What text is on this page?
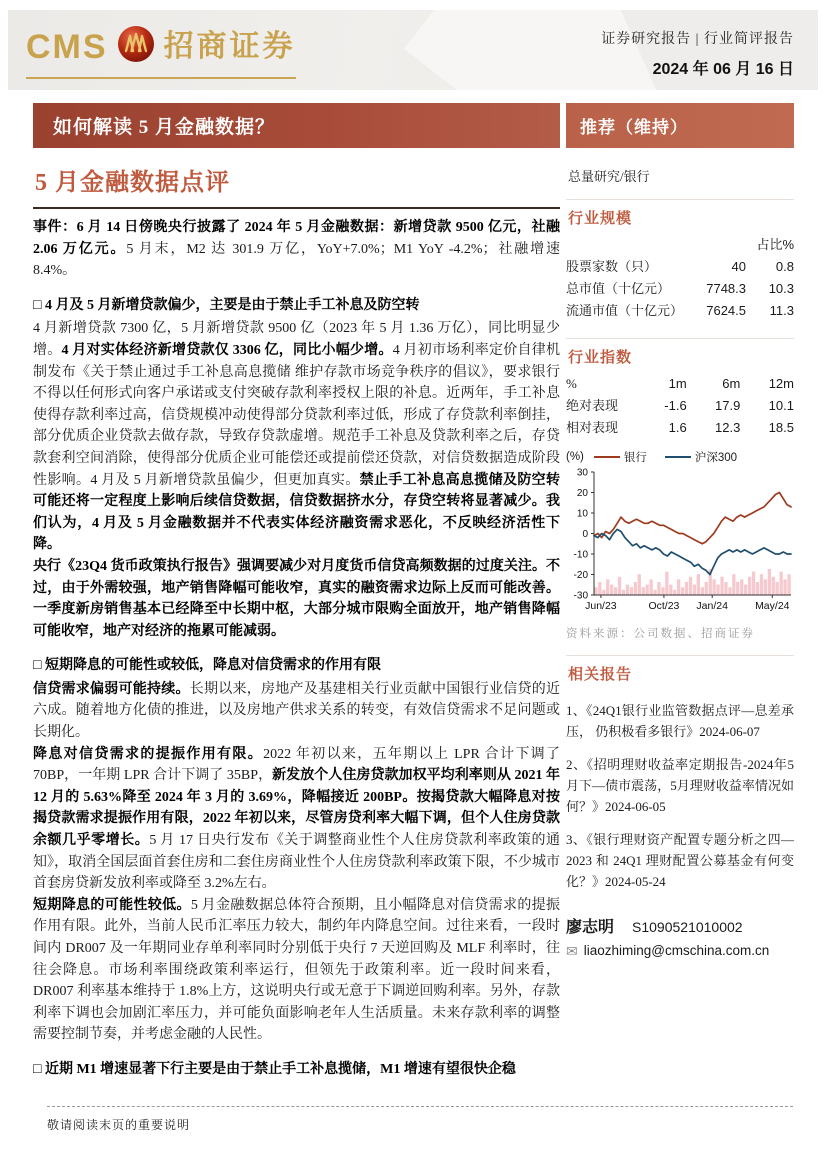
CMS 招商证券	证券研究报告 | 行业简评报告
2024 年 06 月 16 日
如何解读 5 月金融数据？
5 月金融数据点评
事件：6 月 14 日傍晚央行披露了 2024 年 5 月金融数据：新增贷款 9500 亿元，社融 2.06 万亿元。5 月末，M2 达 301.9 万亿，YoY+7.0%；M1 YoY -4.2%；社融增速 8.4%。
□ 4 月及 5 月新增贷款偏少，主要是由于禁止手工补息及防空转
4 月新增贷款 7300 亿，5 月新增贷款 9500 亿（2023 年 5 月 1.36 万亿），同比明显少增。4 月对实体经济新增贷款仅 3306 亿，同比小幅少增。4 月初市场利率定价自律机制发布《关于禁止通过手工补息高息揽储 维护存款市场竞争秩序的倡议》，要求银行不得以任何形式向客户承诺或支付突破存款利率授权上限的补息。近两年，手工补息使得存款利率过高，信贷规模冲动使得部分贷款利率过低，形成了存贷款利率倒挂，部分优质企业贷款去做存款，导致存贷款虚增。规范手工补息及贷款利率之后，存贷款套利空间消除，使得部分优质企业可能偿还或提前偿还贷款，对信贷数据造成阶段性影响。4 月及 5 月新增贷款虽偏少，但更加真实。禁止手工补息高息揽储及防空转可能还将一定程度上影响后续信贷数据，信贷数据挤水分，存贷空转将显著减少。我们认为，4 月及 5 月金融数据并不代表实体经济融资需求恶化，不反映经济活性下降。
央行《23Q4 货币政策执行报告》强调要减少对月度货币信贷高频数据的过度关注。不过，由于外需较强，地产销售降幅可能收窄，真实的融资需求边际上反而可能改善。一季度新房销售基本已经降至中长期中枢，大部分城市限购全面放开，地产销售降幅可能收窄，地产对经济的拖累可能减弱。
□ 短期降息的可能性或较低，降息对信贷需求的作用有限
信贷需求偏弱可能持续。长期以来，房地产及基建相关行业贡献中国银行业信贷的近六成。随着地方化债的推进，以及房地产供求关系的转变，有效信贷需求不足问题或长期化。
降息对信贷需求的提振作用有限。2022 年初以来，五年期以上 LPR 合计下调了 70BP，一年期 LPR 合计下调了 35BP，新发放个人住房贷款加权平均利率则从 2021 年 12 月的 5.63%降至 2024 年 3 月的 3.69%，降幅接近 200BP。按揭贷款大幅降息对按揭贷款需求提振作用有限，2022 年初以来，尽管房贷利率大幅下调，但个人住房贷款余额几乎零增长。5 月 17 日央行发布《关于调整商业性个人住房贷款利率政策的通知》，取消全国层面首套住房和二套住房商业性个人住房贷款利率政策下限，不少城市首套房贷新发放利率或降至 3.2%左右。
短期降息的可能性较低。5 月金融数据总体符合预期，且小幅降息对信贷需求的提振作用有限。此外，当前人民币汇率压力较大，制约年内降息空间。过往来看，一段时间内 DR007 及一年期同业存单利率同时分别低于央行 7 天逆回购及 MLF 利率时，往往会降息。市场利率围绕政策利率运行，但领先于政策利率。近一段时间来看，DR007 利率基本维持于 1.8%上方，这说明央行或无意于下调逆回购利率。另外，存款利率下调也会加剧汇率压力，并可能负面影响老年人生活质量。未来存款利率的调整需要控制节奏，并考虑金融的人民性。
□ 近期 M1 增速显著下行主要是由于禁止手工补息揽储，M1 增速有望很快企稳
推荐（维持）
总量研究/银行
行业规模
占比%
股票家数（只）	40	0.8
总市值（十亿元）	7748.3	10.3
流通市值（十亿元）	7624.5	11.3
行业指数
%	1m	6m	12m
绝对表现	-1.6	17.9	10.1
相对表现	1.6	12.3	18.5
(%)	银行	沪深300
30
20
10
0
-10
-20
-30
Jun/23	Oct/23 Jan/24	May/24
资料来源：公司数据、招商证券
相关报告
1、《24Q1银行业监管数据点评—息差承压， 仍积极看多银行》2024-06-07
2、《招明理财收益率定期报告-2024年5月下—债市震荡，5月理财收益率情况如何？》2024-06-05
3、《银行理财资产配置专题分析之四—2023 和 24Q1 理财配置公募基金有何变化？》2024-05-24
廖志明 S1090521010002
✉ liaozhiming@cmschina.com.cn
敬请阅读末页的重要说明
